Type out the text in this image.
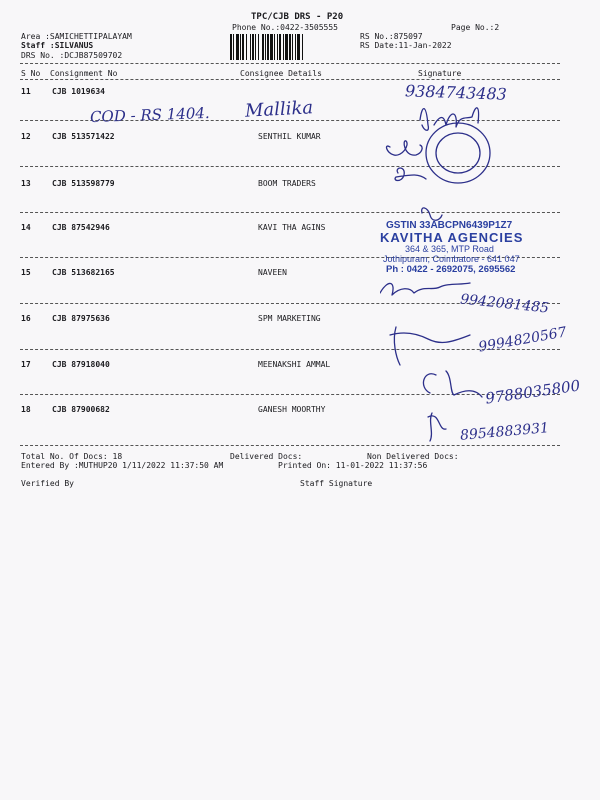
TPC/CJB DRS - P20
Phone No.:0422-3505555	Page No.:2
Area :SAMICHETTIPALAYAM
Staff :SILVANUS
DRS No. :DCJB87509702
RS No.:875097
RS Date:11-Jan-2022
S No Consignment No	Consignee Details	Signature
11	CJB 1019634
12	CJB 513571422	SENTHIL KUMAR
13	CJB 513598779	BOOM TRADERS
14	CJB 87542946	KAVI THA AGINS
15	CJB 513682165	NAVEEN
16	CJB 87975636	SPM MARKETING
17	CJB 87918040	MEENAKSHI AMMAL
18	CJB 87900682	GANESH MOORTHY
9384743483
COD - RS 1404. Mallika
9942081485
9994820567
9788035800
8954883931
GSTIN 33ABCPN6439P1Z7
KAVITHA AGENCIES
364 & 365, MTP Road
Jothipuram, Coimbatore - 641 047
Ph : 0422 - 2692075, 2695562
Total No. Of Docs: 18	Delivered Docs:	Non Delivered Docs:
Entered By :MUTHUP20 1/11/2022 11:37:50 AM	Printed On: 11-01-2022 11:37:56
Verified By	Staff Signature
